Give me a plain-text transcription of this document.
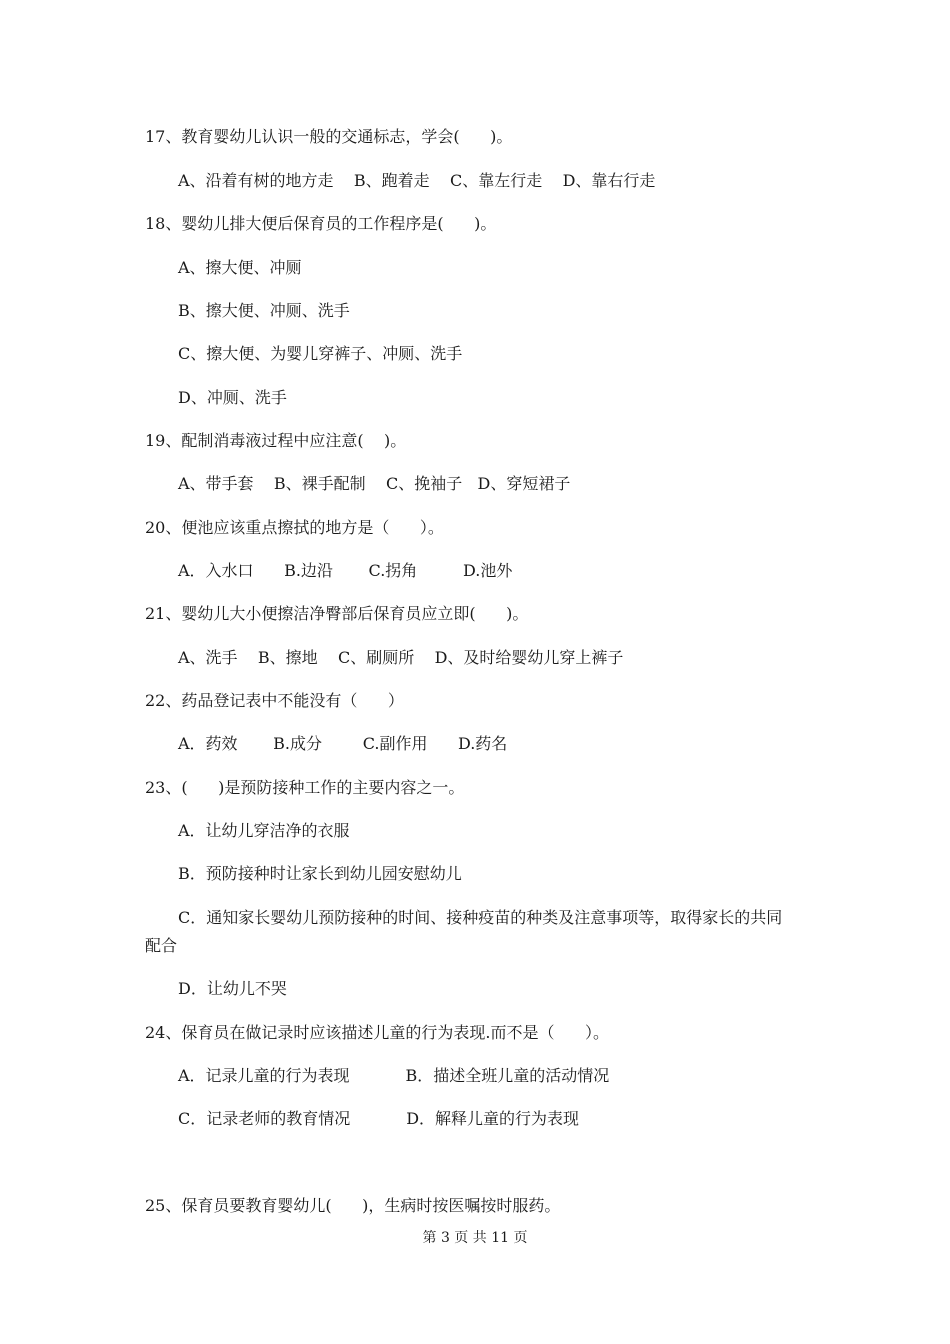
17、教育婴幼儿认识一般的交通标志，学会(      )。
A、沿着有树的地方走    B、跑着走    C、靠左行走    D、靠右行走
18、婴幼儿排大便后保育员的工作程序是(      )。
A、擦大便、冲厕
B、擦大便、冲厕、洗手
C、擦大便、为婴儿穿裤子、冲厕、洗手
D、冲厕、洗手
19、配制消毒液过程中应注意(    )。
A、带手套    B、裸手配制    C、挽袖子   D、穿短裙子
20、便池应该重点擦拭的地方是（      ）。
A．入水口      B.边沿       C.拐角         D.池外
21、婴幼儿大小便擦洁净臀部后保育员应立即(      )。
A、洗手    B、擦地    C、刷厕所    D、及时给婴幼儿穿上裤子
22、药品登记表中不能没有（      ）
A．药效       B.成分        C.副作用      D.药名
23、(      )是预防接种工作的主要内容之一。
A．让幼儿穿洁净的衣服
B．预防接种时让家长到幼儿园安慰幼儿
C．通知家长婴幼儿预防接种的时间、接种疫苗的种类及注意事项等，取得家长的共同
配合
D．让幼儿不哭
24、保育员在做记录时应该描述儿童的行为表现.而不是（      ）。
A．记录儿童的行为表现           B．描述全班儿童的活动情况
C．记录老师的教育情况           D．解释儿童的行为表现
25、保育员要教育婴幼儿(      )，生病时按医嘱按时服药。
第 3 页 共 11 页
